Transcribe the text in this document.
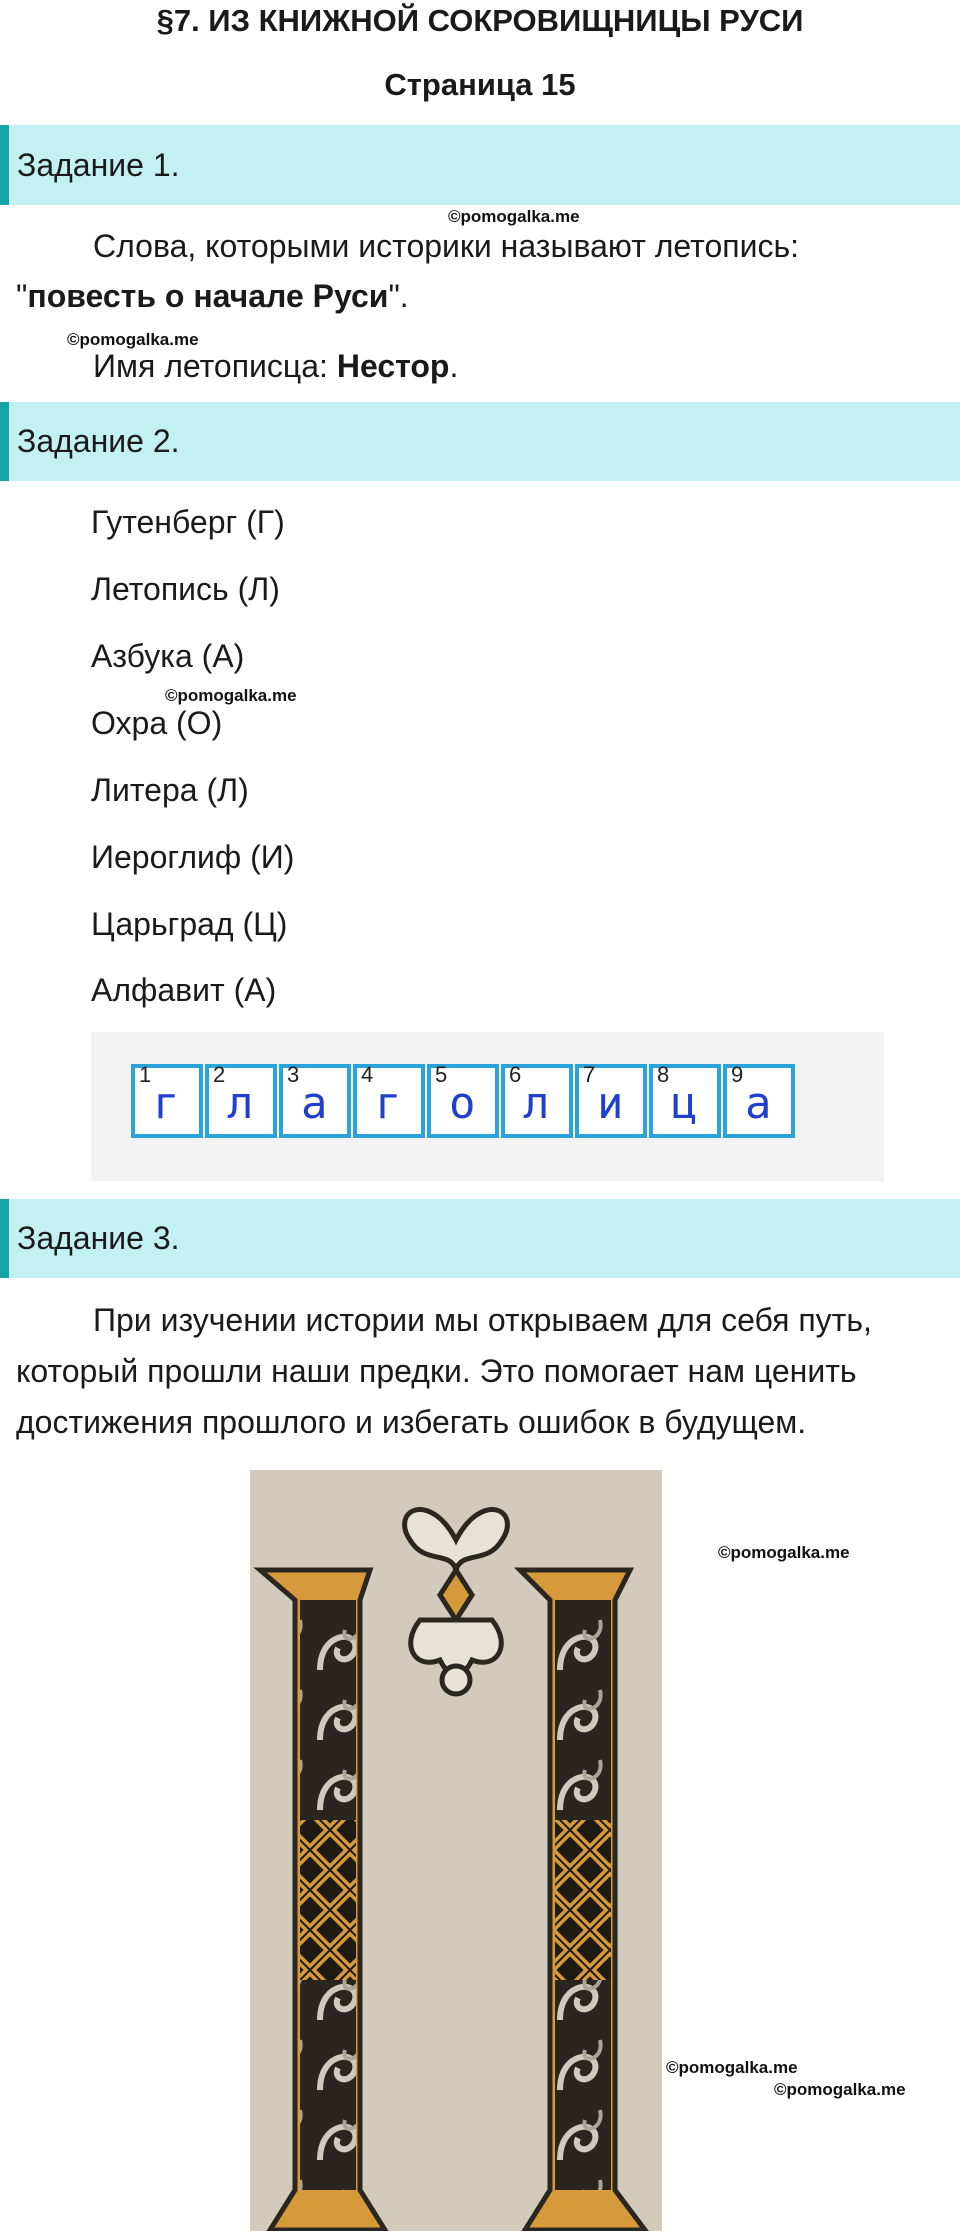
§7. ИЗ КНИЖНОЙ СОКРОВИЩНИЦЫ РУСИ
Страница 15
Задание 1.
©pomogalka.me
Слова, которыми историки называют летопись:
"повесть о начале Руси".
©pomogalka.me
Имя летописца: Нестор.
Задание 2.
Гутенберг (Г)
Летопись (Л)
Азбука (А)
©pomogalka.me
Охра (О)
Литера (Л)
Иероглиф (И)
Царьград (Ц)
Алфавит (А)
1
г
2
л
3
а
4
г
5
о
6
л
7
и
8
ц
9
а
Задание 3.
При изучении истории мы открываем для себя путь,
который прошли наши предки. Это помогает нам ценить
достижения прошлого и избегать ошибок в будущем.
©pomogalka.me
©pomogalka.me
©pomogalka.me
